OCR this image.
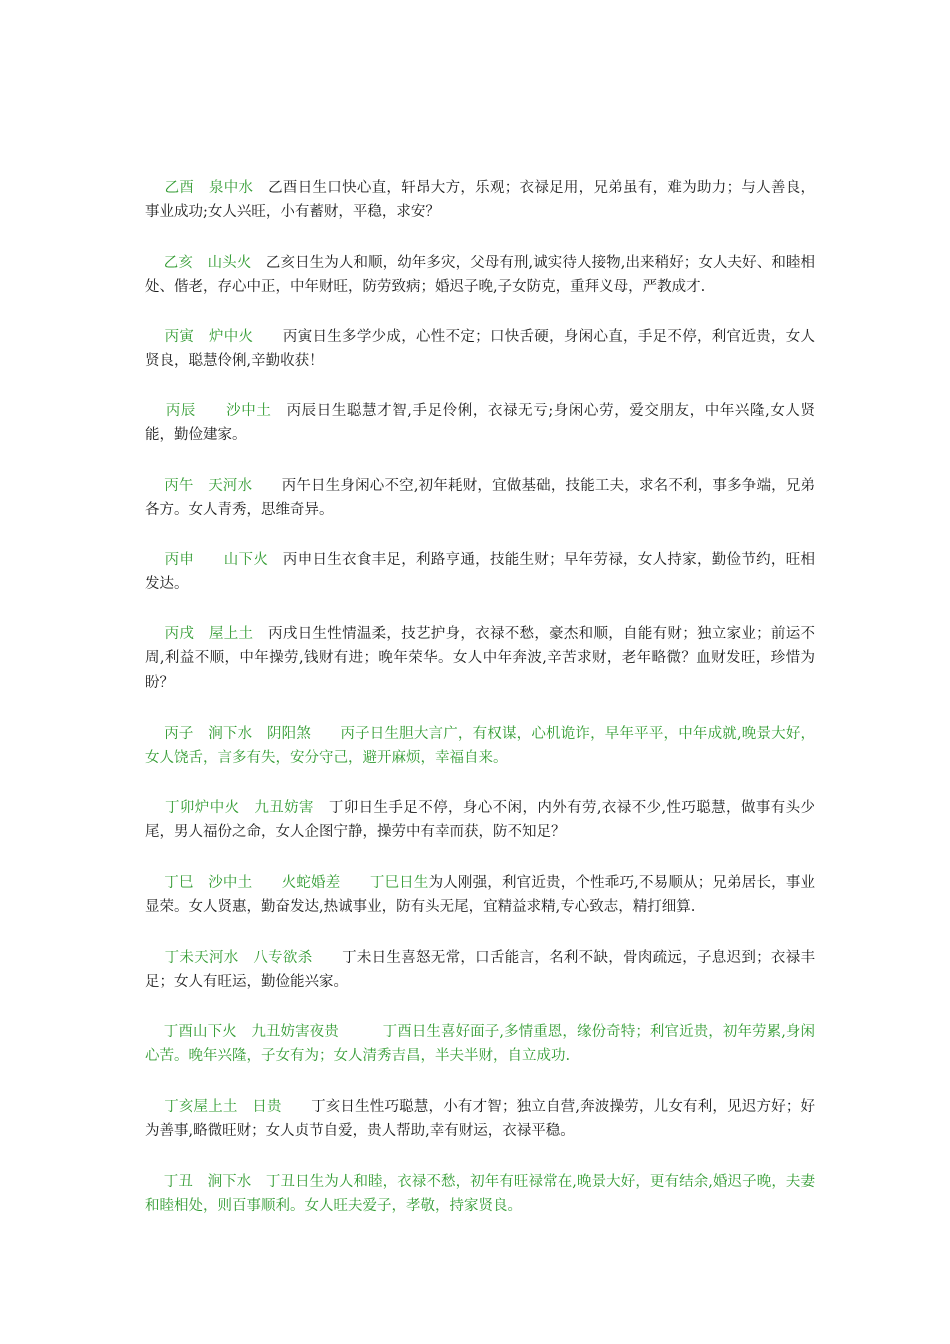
乙酉　泉中水　乙酉日生口快心直，轩昂大方，乐观；衣禄足用，兄弟虽有，难为助力；与人善良，事业成功;女人兴旺，小有蓄财，平稳，求安？

乙亥　山头火　乙亥日生为人和顺，幼年多灾，父母有刑,诚实待人接物,出来稍好；女人夫好、和睦相处、偕老，存心中正，中年财旺，防劳致病；婚迟子晚,子女防克，重拜义母，严教成才.

丙寅　炉中火　　丙寅日生多学少成，心性不定；口快舌硬，身闲心直，手足不停，利官近贵，女人贤良，聪慧伶俐,辛勤收获！

丙辰　　沙中土　丙辰日生聪慧才智,手足伶俐，衣禄无亏;身闲心劳，爱交朋友，中年兴隆,女人贤能，勤俭建家。

丙午　天河水　　丙午日生身闲心不空,初年耗财，宜做基础，技能工夫，求名不利，事多争端，兄弟各方。女人青秀，思维奇异。

丙申　　山下火　丙申日生衣食丰足，利路亨通，技能生财；早年劳禄，女人持家，勤俭节约，旺相发达。

丙戌　屋上土　丙戌日生性情温柔，技艺护身，衣禄不愁，豪杰和顺，自能有财；独立家业；前运不周,利益不顺，中年操劳,钱财有进；晚年荣华。女人中年奔波,辛苦求财，老年略微？血财发旺，珍惜为盼？

丙子　涧下水　阴阳煞　　丙子日生胆大言广，有权谋，心机诡诈，早年平平，中年成就,晚景大好，女人饶舌，言多有失，安分守己，避开麻烦，幸福自来。

丁卯炉中火　九丑妨害　丁卯日生手足不停，身心不闲，内外有劳,衣禄不少,性巧聪慧，做事有头少尾，男人福份之命，女人企图宁静，操劳中有幸而获，防不知足？

丁巳　沙中土　　火蛇婚差　　丁巳日生为人刚强，利官近贵，个性乖巧,不易顺从；兄弟居长，事业显荣。女人贤惠，勤奋发达,热诚事业，防有头无尾，宜精益求精,专心致志，精打细算.

丁未天河水　八专欲杀　　丁未日生喜怒无常，口舌能言，名利不缺，骨肉疏远，子息迟到；衣禄丰足；女人有旺运，勤俭能兴家。

丁酉山下火　九丑妨害夜贵　　　丁酉日生喜好面子,多情重恩，缘份奇特；利官近贵，初年劳累,身闲心苦。晚年兴隆，子女有为；女人清秀吉昌，半夫半财，自立成功.

丁亥屋上土　日贵　　丁亥日生性巧聪慧，小有才智；独立自营,奔波操劳，儿女有利，见迟方好；好为善事,略微旺财；女人贞节自爱，贵人帮助,幸有财运，衣禄平稳。

丁丑　涧下水　丁丑日生为人和睦，衣禄不愁，初年有旺禄常在,晚景大好，更有结余,婚迟子晚，夫妻和睦相处，则百事顺利。女人旺夫爱子，孝敬，持家贤良。
